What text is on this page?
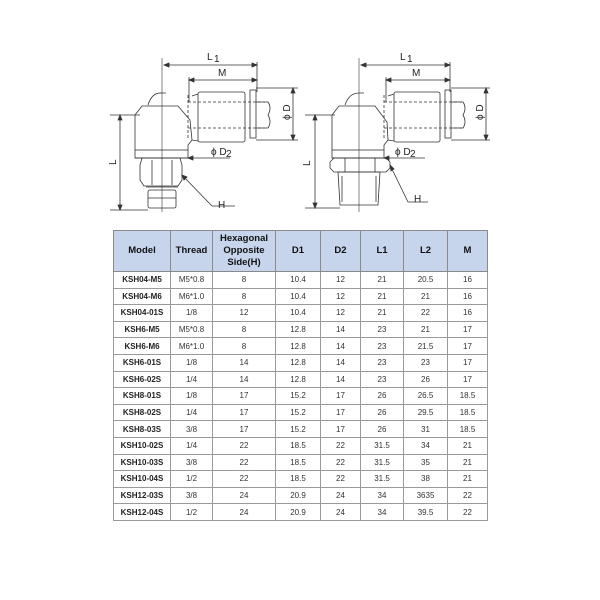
L 1
M
ϕ D 2
H
ϕ D
L
L 1
M
ϕ D 2
H
ϕ D
L
Model	Thread	Hexagonal
Opposite
Side(H)	D1	D2	L1	L2	M
KSH04-M5	M5*0.8	8	10.4	12	21	20.5	16
KSH04-M6	M6*1.0	8	10.4	12	21	21	16
KSH04-01S	1/8	12	10.4	12	21	22	16
KSH6-M5	M5*0.8	8	12.8	14	23	21	17
KSH6-M6	M6*1.0	8	12.8	14	23	21.5	17
KSH6-01S	1/8	14	12.8	14	23	23	17
KSH6-02S	1/4	14	12.8	14	23	26	17
KSH8-01S	1/8	17	15.2	17	26	26.5	18.5
KSH8-02S	1/4	17	15.2	17	26	29.5	18.5
KSH8-03S	3/8	17	15.2	17	26	31	18.5
KSH10-02S	1/4	22	18.5	22	31.5	34	21
KSH10-03S	3/8	22	18.5	22	31.5	35	21
KSH10-04S	1/2	22	18.5	22	31.5	38	21
KSH12-03S	3/8	24	20.9	24	34	3635	22
KSH12-04S	1/2	24	20.9	24	34	39.5	22
